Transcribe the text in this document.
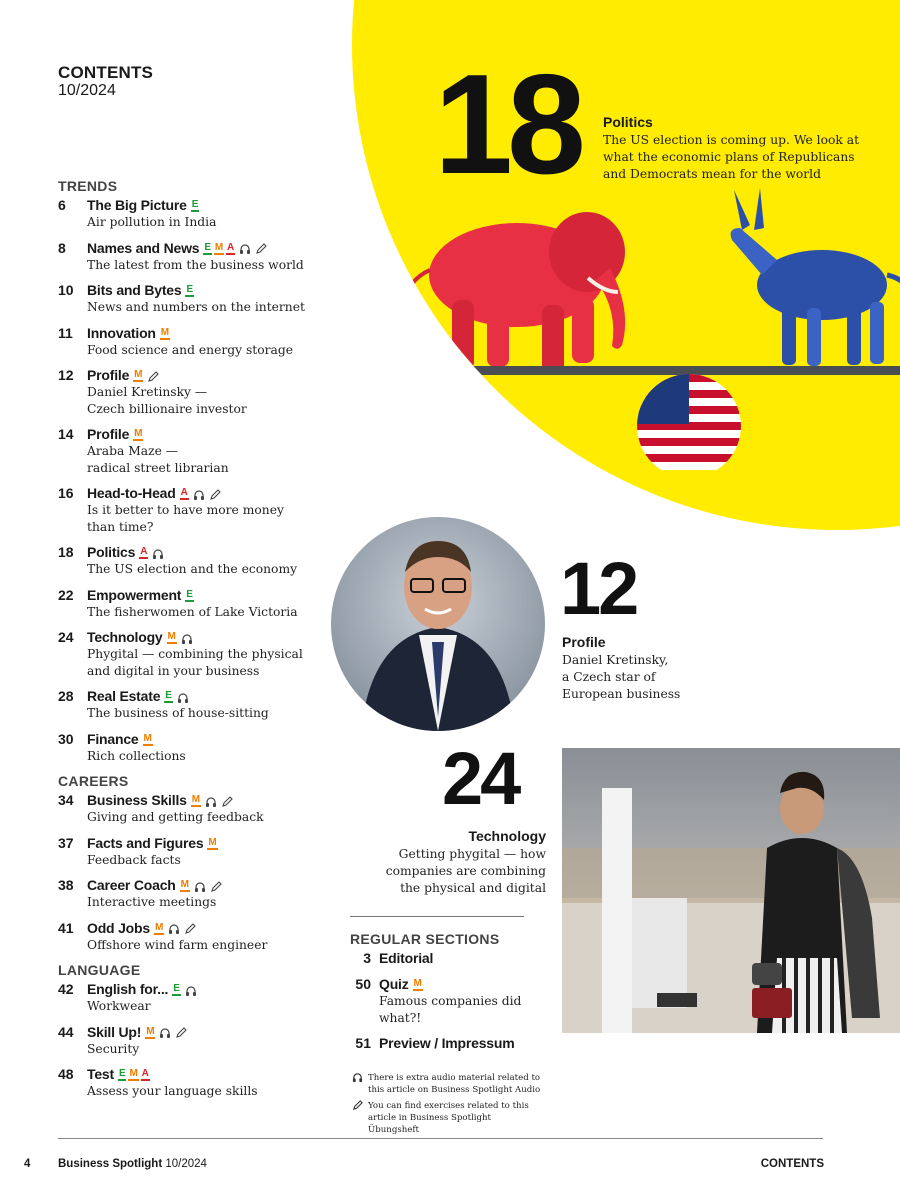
CONTENTS
10/2024 18 Politics
The US election is coming up. We look at
what the economic plans of Republicans
and Democrats mean for the world
12
Profile
Daniel Kretinsky,
a Czech star of
European business
24
Technology
Getting phygital — how
companies are combining
the physical and digital
TRENDS
6	The Big Picture E
Air pollution in India
8	Names and News E M A
The latest from the business world
10 Bits and Bytes E
News and numbers on the internet
11	Innovation M
Food science and energy storage
12 Profile M
Daniel Kretinsky —
Czech billionaire investor
14 Profile M
Araba Maze —
radical street librarian
16 Head-to-Head A
Is it better to have more money
than time?
18 Politics A
The US election and the economy
22 Empowerment E
The fisherwomen of Lake Victoria
24 Technology M
Phygital — combining the physical
and digital in your business
28 Real Estate E
The business of house-sitting
30 Finance M
Rich collections
CAREERS
34 Business Skills M
Giving and getting feedback
37 Facts and Figures M
Feedback facts
38 Career Coach M
Interactive meetings
41 Odd Jobs M
Offshore wind farm engineer
LANGUAGE
42 English for... E
Workwear
44 Skill Up! M
Security
48 Test E M A
Assess your language skills
REGULAR SECTIONS
3 Editorial
50 Quiz M
Famous companies did
what?!
51 Preview / Impressum
There is extra audio material related to this article on Business Spotlight Audio
You can find exercises related to this article in Business Spotlight Übungsheft
4 Business Spotlight 10/2024	CONTENTS
